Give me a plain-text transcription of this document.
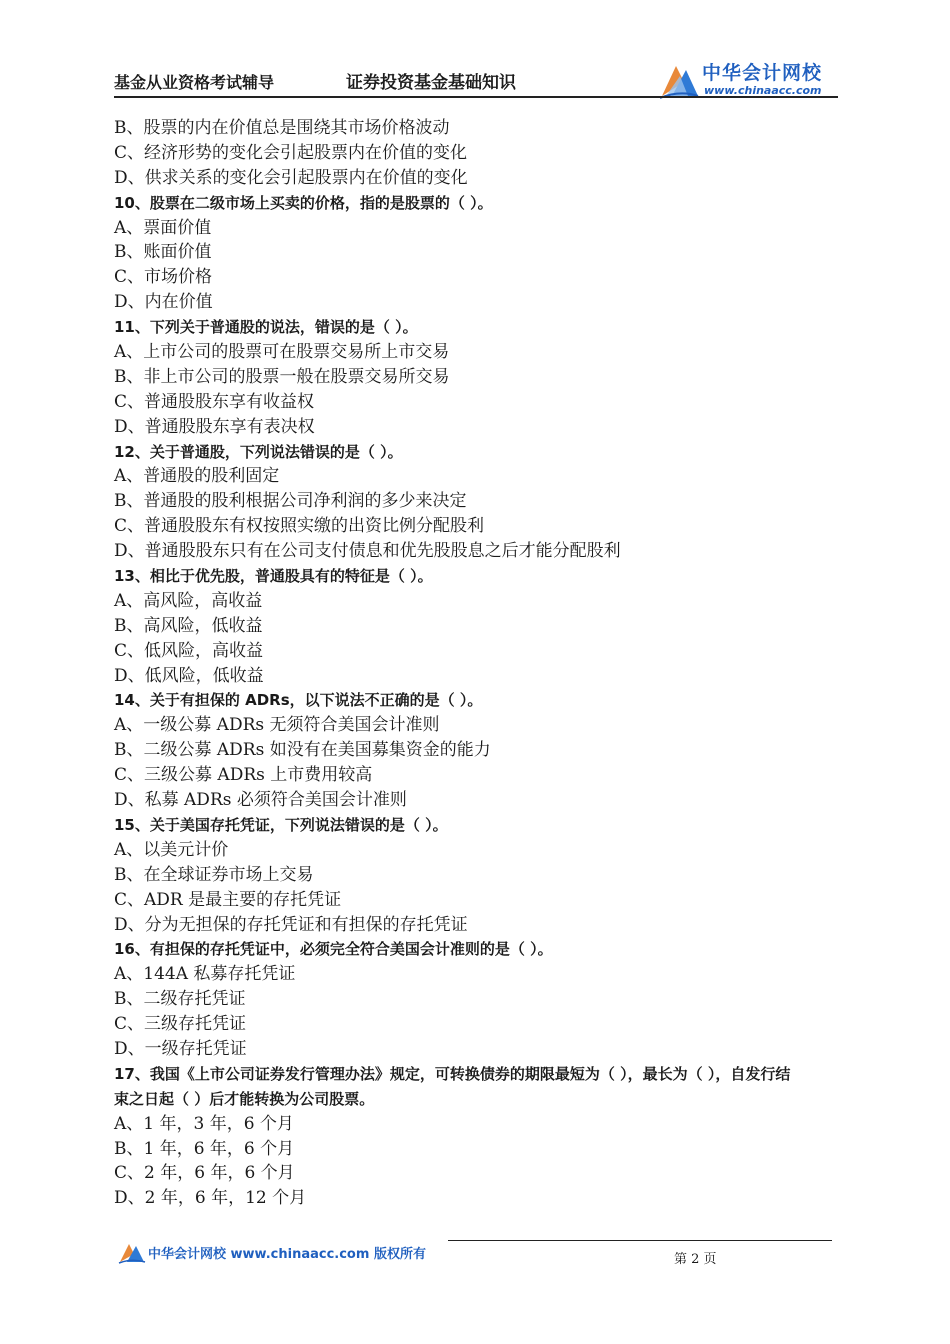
基金从业资格考试辅导	证券投资基金基础知识	中华会计网校
www.chinaacc.com
B、股票的内在价值总是围绕其市场价格波动
C、经济形势的变化会引起股票内在价值的变化
D、供求关系的变化会引起股票内在价值的变化
10、股票在二级市场上买卖的价格，指的是股票的（ ）。
A、票面价值
B、账面价值
C、市场价格
D、内在价值
11、下列关于普通股的说法，错误的是（ ）。
A、上市公司的股票可在股票交易所上市交易
B、非上市公司的股票一般在股票交易所交易
C、普通股股东享有收益权
D、普通股股东享有表决权
12、关于普通股，下列说法错误的是（ ）。
A、普通股的股利固定
B、普通股的股利根据公司净利润的多少来决定
C、普通股股东有权按照实缴的出资比例分配股利
D、普通股股东只有在公司支付债息和优先股股息之后才能分配股利
13、相比于优先股，普通股具有的特征是（ ）。
A、高风险，高收益
B、高风险，低收益
C、低风险，高收益
D、低风险，低收益
14、关于有担保的 ADRs，以下说法不正确的是（ ）。
A、一级公募 ADRs 无须符合美国会计准则
B、二级公募 ADRs 如没有在美国募集资金的能力
C、三级公募 ADRs 上市费用较高
D、私募 ADRs 必须符合美国会计准则
15、关于美国存托凭证，下列说法错误的是（ ）。
A、以美元计价
B、在全球证券市场上交易
C、ADR 是最主要的存托凭证
D、分为无担保的存托凭证和有担保的存托凭证
16、有担保的存托凭证中，必须完全符合美国会计准则的是（ ）。
A、144A 私募存托凭证
B、二级存托凭证
C、三级存托凭证
D、一级存托凭证
17、我国《上市公司证券发行管理办法》规定，可转换债券的期限最短为（ ），最长为（ ），自发行结
束之日起（ ）后才能转换为公司股票。
A、1 年，3 年，6 个月
B、1 年，6 年，6 个月
C、2 年，6 年，6 个月
D、2 年，6 年，12 个月
中华会计网校 www.chinaacc.com 版权所有	第 2 页
